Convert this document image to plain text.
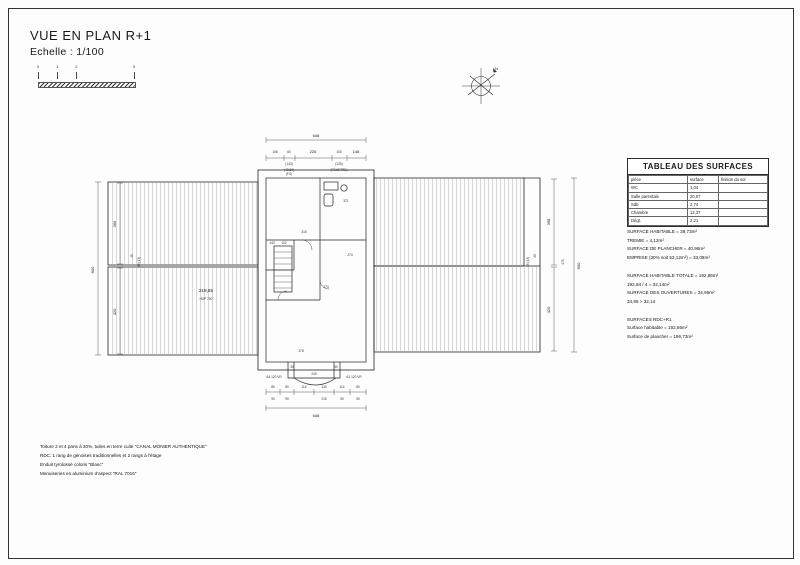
VUE EN PLAN R+1
Echelle : 1/100
0	1	2	5	N
648
108	60	226	100	148
(143)	(125)
(48,80)
(FG)
(FENETRE)
80	80	114	140	114	80
90	90	215	90	90
648
A4.120 VR	A1.120 VR
800
365
420
45
48 (13)	800
368
420
40
48 (13)	470
371
274
274
315
102
143
218,65
HSP 750
378
240
30	30
TABLEAU DES SURFACES
pièce	surface	finition du sol
WC	1,04	
Salle parentale	20,07	
Sdb	2,74	
Chambre	12,37	
Dégt.	2,21	
SURFACE HABITABLE = 39,73m²
TREMIE = 4,12m²
SURFACE DE PLANCHER = 40,96m²
EMPRISE (30% soit 53,12m²) = 33,08m²
SURFACE HABITABLE TOTALE = 192,86m²
192,84 / 4 = 32,14m²
SURFACE DES OUVERTURES = 34,95m²
34,95 > 32,14
SURFACES RDC+R1
Surface habitable = 192,86m²
Surface de plancher = 196,73m²
Toiture 2 et 4 pans à 30%, tuiles en terre cuite "CANAL MONIER AUTHENTIQUE"
RDC: 1 rang de génoises traditionnelles et 2 rangs à l'étage
Enduit tyrolossé coloris "Blanc"
Menuiseries en aluminium d'aspect "RAL 7016"
